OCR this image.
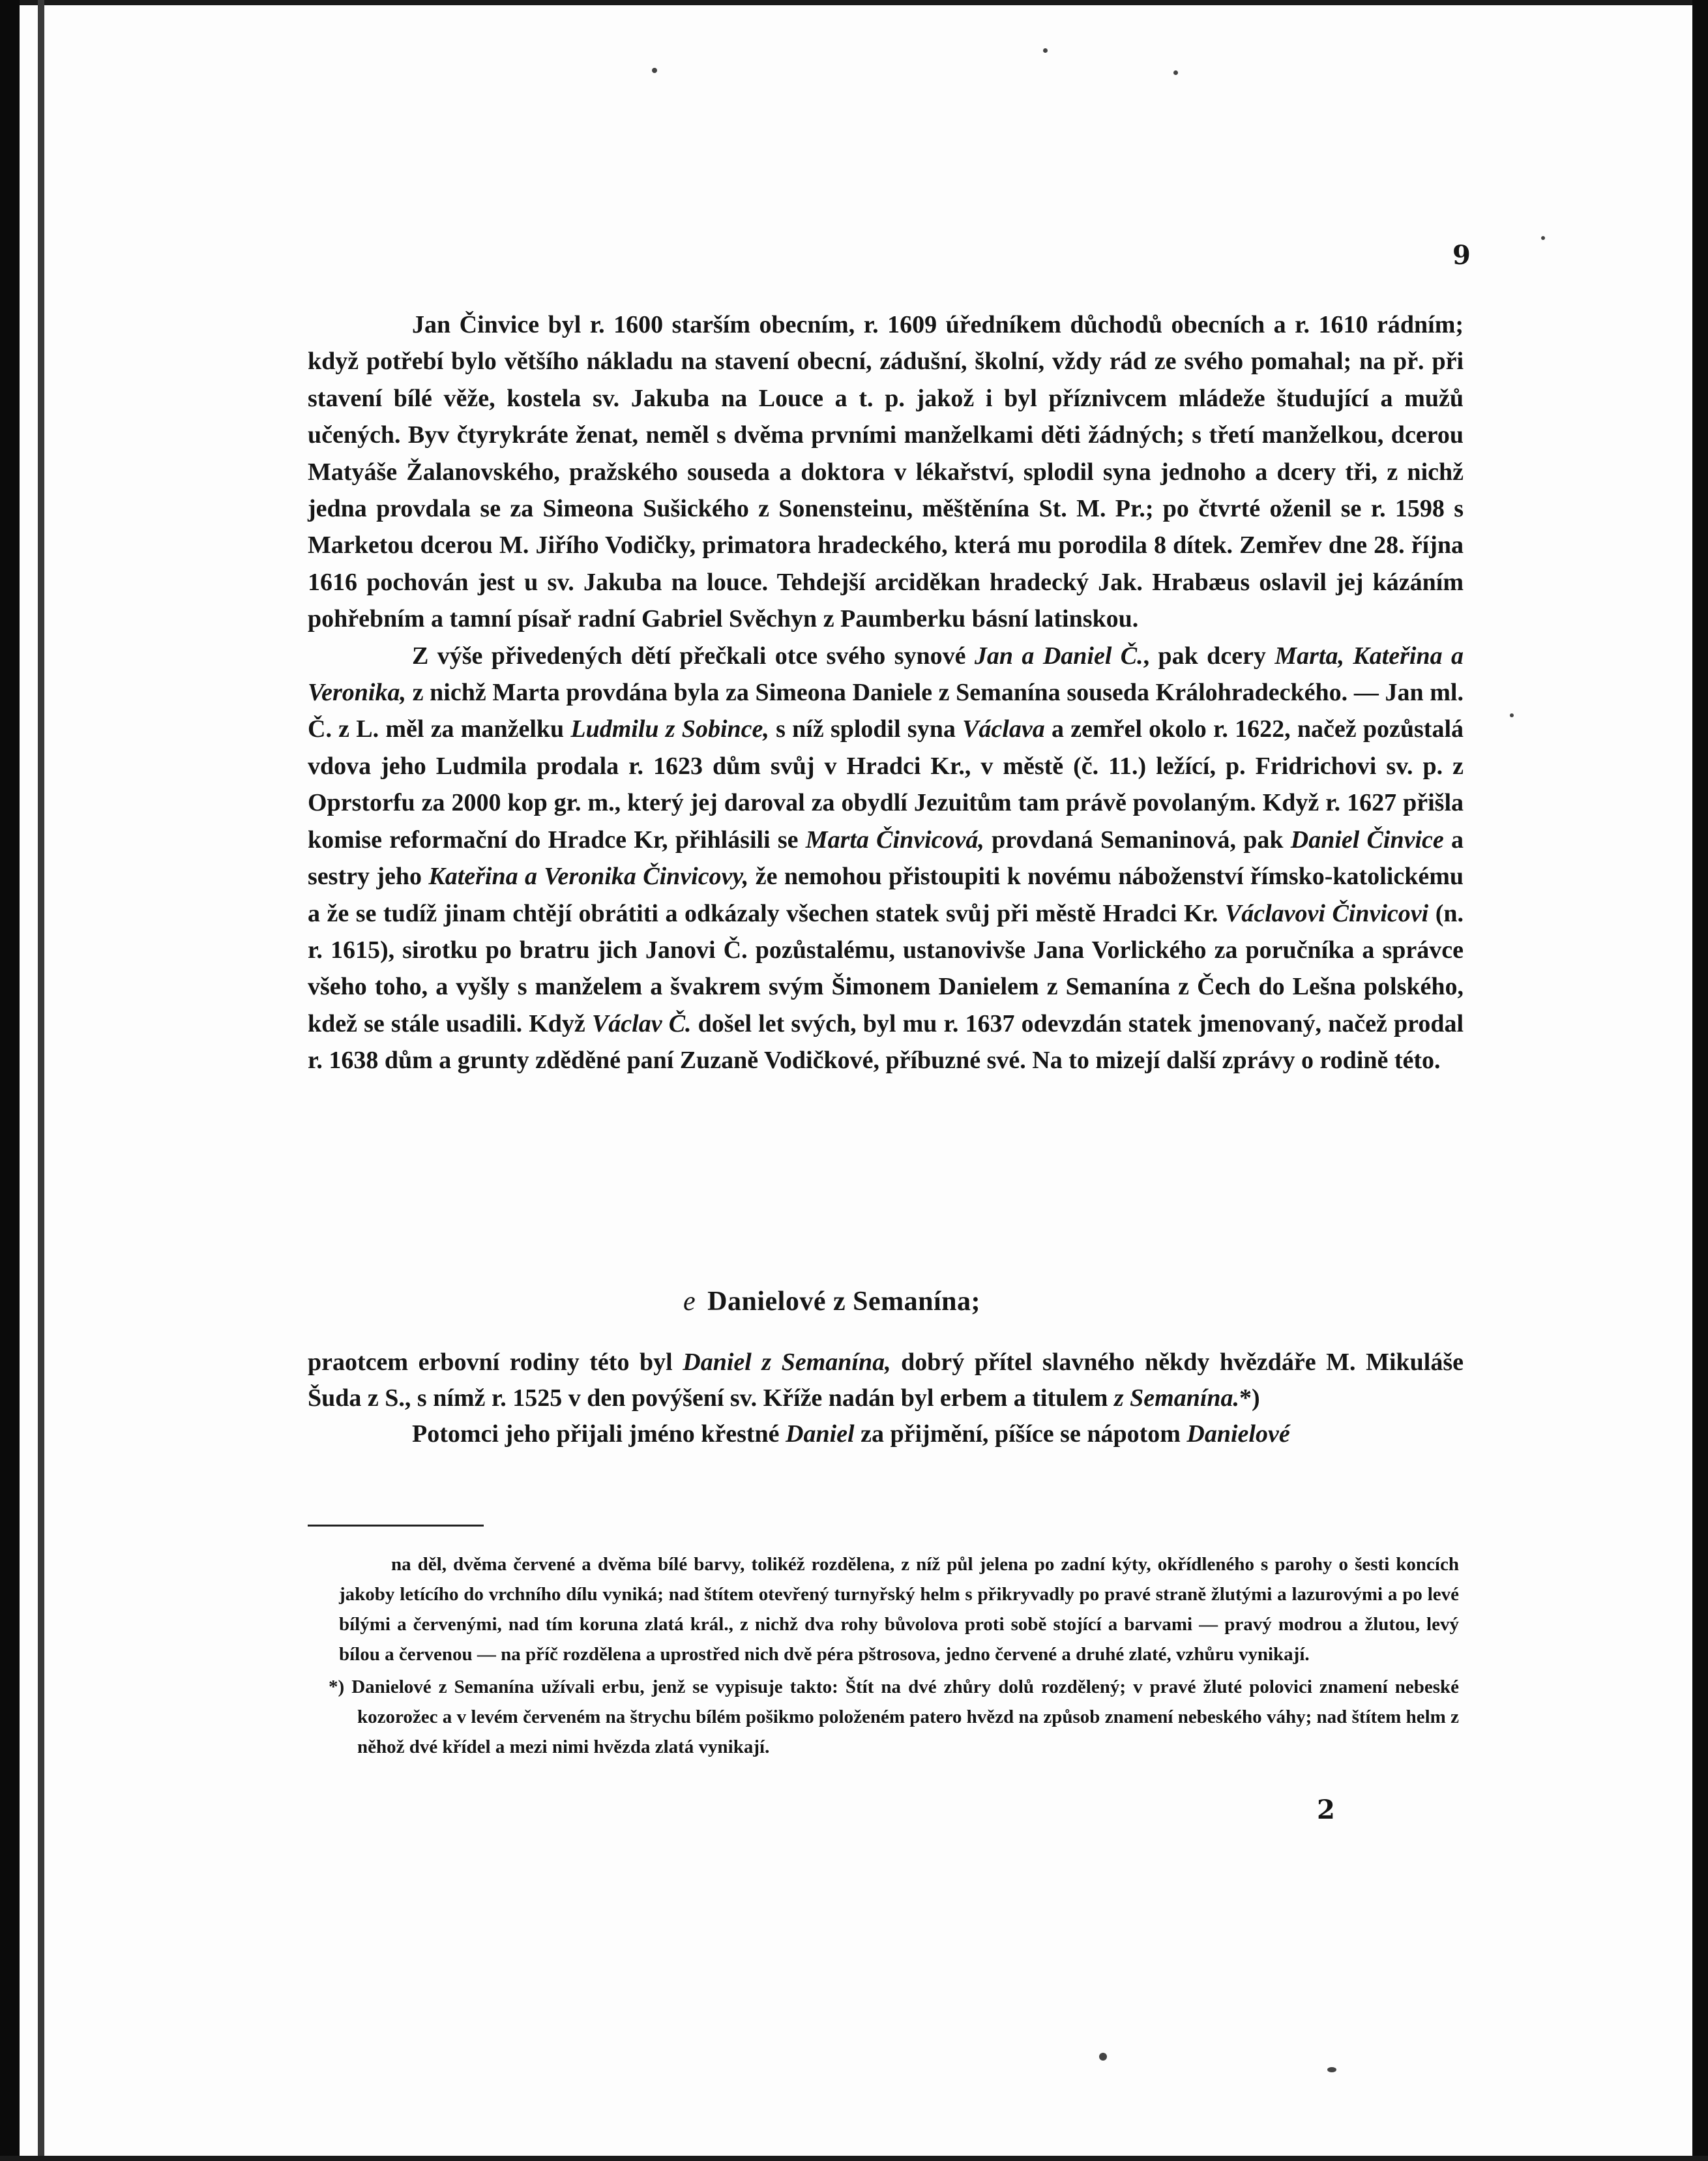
9

Jan Činvice byl r. 1600 starším obecním, r. 1609 úředníkem důchodů obecních a r. 1610 rádním; když potřebí bylo většího nákladu na stavení obecní, zádušní, školní, vždy rád ze svého pomahal; na př. při stavení bílé věže, kostela sv. Jakuba na Louce a t. p. jakož i byl příznivcem mládeže študující a mužů učených. Byv čtyrykráte ženat, neměl s dvěma prvními manželkami děti žádných; s třetí manželkou, dcerou Matyáše Žalanovského, pražského souseda a doktora v lékařství, splodil syna jednoho a dcery tři, z nichž jedna provdala se za Simeona Sušického z Sonensteinu, měštěnína St. M. Pr.; po čtvrté oženil se r. 1598 s Marketou dcerou M. Jiřího Vodičky, primatora hradeckého, která mu porodila 8 dítek. Zemřev dne 28. října 1616 pochován jest u sv. Jakuba na louce. Tehdejší arciděkan hradecký Jak. Hrabæus oslavil jej kázáním pohřebním a tamní písař radní Gabriel Svěchyn z Paumberku básní latinskou.

Z výše přivedených dětí přečkali otce svého synové Jan a Daniel Č., pak dcery Marta, Kateřina a Veronika, z nichž Marta provdána byla za Simeona Daniele z Semanína souseda Králohradeckého. — Jan ml. Č. z L. měl za manželku Ludmilu z Sobince, s níž splodil syna Václava a zemřel okolo r. 1622, načež pozůstalá vdova jeho Ludmila prodala r. 1623 dům svůj v Hradci Kr., v městě (č. 11.) ležící, p. Fridrichovi sv. p. z Oprstorfu za 2000 kop gr. m., který jej daroval za obydlí Jezuitům tam právě povolaným. Když r. 1627 přišla komise reformační do Hradce Kr, přihlásili se Marta Činvicová, provdaná Semaninová, pak Daniel Činvice a sestry jeho Kateřina a Veronika Činvicovy, že nemohou přistoupiti k novému náboženství římsko-katolickému a že se tudíž jinam chtějí obrátiti a odkázaly všechen statek svůj při městě Hradci Kr. Václavovi Činvicovi (n. r. 1615), sirotku po bratru jich Janovi Č. pozůstalému, ustanovivše Jana Vorlického za poručníka a správce všeho toho, a vyšly s manželem a švakrem svým Šimonem Danielem z Semanína z Čech do Lešna polského, kdež se stále usadili. Když Václav Č. došel let svých, byl mu r. 1637 odevzdán statek jmenovaný, načež prodal r. 1638 dům a grunty zděděné paní Zuzaně Vodičkové, příbuzné své. Na to mizejí další zprávy o rodině této.

e Danielové z Semanína;

praotcem erbovní rodiny této byl Daniel z Semanína, dobrý přítel slavného někdy hvězdáře M. Mikuláše Šuda z S., s nímž r. 1525 v den povýšení sv. Kříže nadán byl erbem a titulem z Semanína.*)

Potomci jeho přijali jméno křestné Daniel za přijmění, píšíce se nápotom Danielové

na děl, dvěma červené a dvěma bílé barvy, tolikéž rozdělena, z níž půl jelena po zadní kýty, okřídleného s parohy o šesti koncích jakoby letícího do vrchního dílu vyniká; nad štítem otevřený turnyřský helm s přikryvadly po pravé straně žlutými a lazurovými a po levé bílými a červenými, nad tím koruna zlatá král., z nichž dva rohy bůvolova proti sobě stojící a barvami — pravý modrou a žlutou, levý bílou a červenou — na příč rozdělena a uprostřed nich dvě péra pštrosova, jedno červené a druhé zlaté, vzhůru vynikají.

*) Danielové z Semanína užívali erbu, jenž se vypisuje takto: Štít na dvé zhůry dolů rozdělený; v pravé žluté polovici znamení nebeské kozorožec a v levém červeném na štrychu bílém pošikmo položeném patero hvězd na způsob znamení nebeského váhy; nad štítem helm z něhož dvé křídel a mezi nimi hvězda zlatá vynikají.

2
